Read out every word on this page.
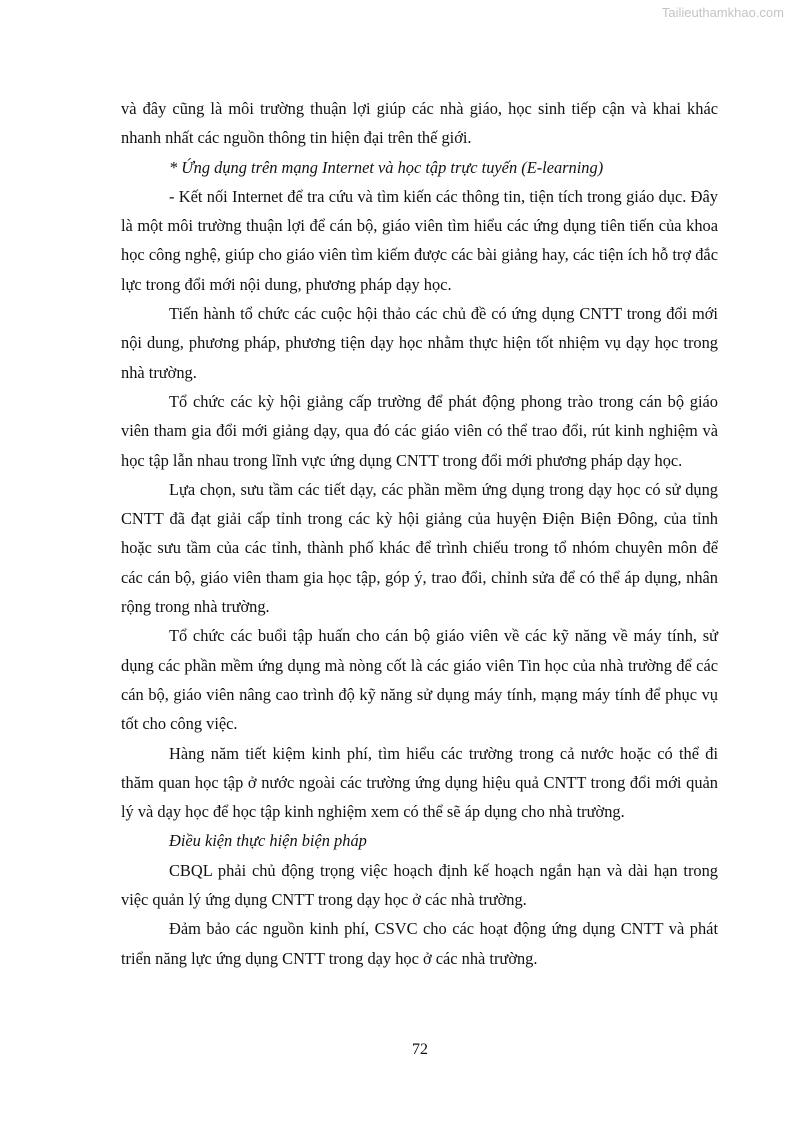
Tailieuthamkhao.com

và đây cũng là môi trường thuận lợi giúp các nhà giáo, học sinh tiếp cận và khai khác nhanh nhất các nguồn thông tin hiện đại trên thế giới.

* Ứng dụng trên mạng Internet và học tập trực tuyến (E-learning)

- Kết nối Internet để tra cứu và tìm kiến các thông tin, tiện tích trong giáo dục. Đây là một môi trường thuận lợi để cán bộ, giáo viên tìm hiểu các ứng dụng tiên tiến của khoa học công nghệ, giúp cho giáo viên tìm kiếm được các bài giảng hay, các tiện ích hỗ trợ đắc lực trong đổi mới nội dung, phương pháp dạy học.

Tiến hành tổ chức các cuộc hội thảo các chủ đề có ứng dụng CNTT trong đổi mới nội dung, phương pháp, phương tiện dạy học nhằm thực hiện tốt nhiệm vụ dạy học trong nhà trường.

Tổ chức các kỳ hội giảng cấp trường để phát động phong trào trong cán bộ giáo viên tham gia đổi mới giảng dạy, qua đó các giáo viên có thể trao đổi, rút kinh nghiệm và học tập lẫn nhau trong lĩnh vực ứng dụng CNTT trong đổi mới phương pháp dạy học.

Lựa chọn, sưu tầm các tiết dạy, các phần mềm ứng dụng trong dạy học có sử dụng CNTT đã đạt giải cấp tỉnh trong các kỳ hội giảng của huyện Điện Biện Đông, của tỉnh hoặc sưu tầm của các tỉnh, thành phố khác để trình chiếu trong tổ nhóm chuyên môn để các cán bộ, giáo viên tham gia học tập, góp ý, trao đổi, chỉnh sửa để có thể áp dụng, nhân rộng trong nhà trường.

Tổ chức các buổi tập huấn cho cán bộ giáo viên về các kỹ năng về máy tính, sử dụng các phần mềm ứng dụng mà nòng cốt là các giáo viên Tin học của nhà trường để các cán bộ, giáo viên nâng cao trình độ kỹ năng sử dụng máy tính, mạng máy tính để phục vụ tốt cho công việc.

Hàng năm tiết kiệm kinh phí, tìm hiểu các trường trong cả nước hoặc có thể đi thăm quan học tập ở nước ngoài các trường ứng dụng hiệu quả CNTT trong đổi mới quản lý và dạy học để học tập kinh nghiệm xem có thể sẽ áp dụng cho nhà trường.

Điều kiện thực hiện biện pháp

CBQL phải chủ động trọng việc hoạch định kế hoạch ngắn hạn và dài hạn trong việc quản lý ứng dụng CNTT trong dạy học ở các nhà trường.

Đảm bảo các nguồn kinh phí, CSVC cho các hoạt động ứng dụng CNTT và phát triển năng lực ứng dụng CNTT trong dạy học ở các nhà trường.

72
